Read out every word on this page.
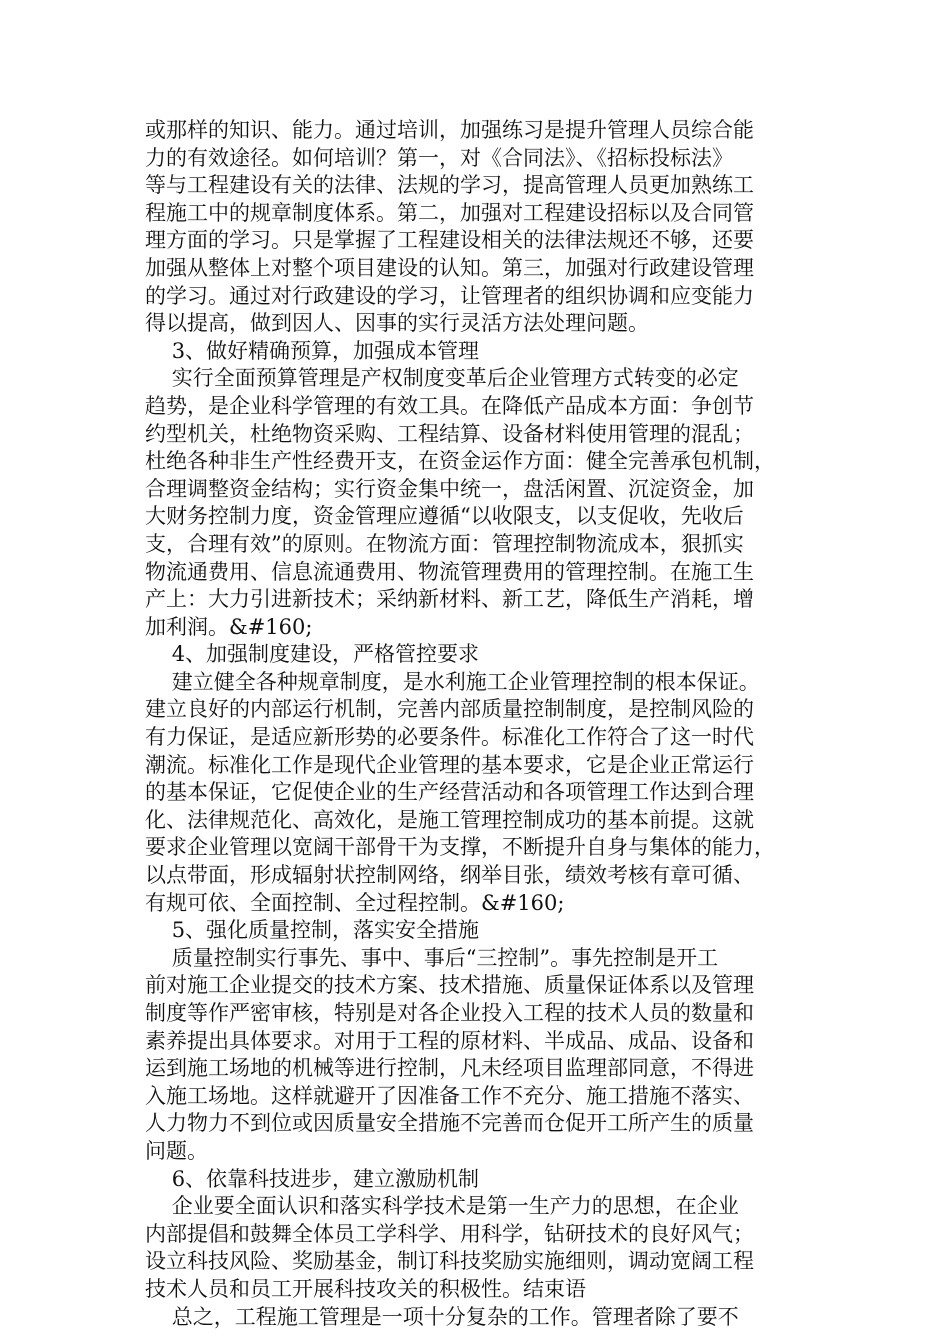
或那样的知识、能力。通过培训，加强练习是提升管理人员综合能
力的有效途径。如何培训？第一，对《合同法》、《招标投标法》
等与工程建设有关的法律、法规的学习，提高管理人员更加熟练工
程施工中的规章制度体系。第二，加强对工程建设招标以及合同管
理方面的学习。只是掌握了工程建设相关的法律法规还不够，还要
加强从整体上对整个项目建设的认知。第三，加强对行政建设管理
的学习。通过对行政建设的学习，让管理者的组织协调和应变能力
得以提高，做到因人、因事的实行灵活方法处理问题。
3、做好精确预算，加强成本管理
实行全面预算管理是产权制度变革后企业管理方式转变的必定
趋势，是企业科学管理的有效工具。在降低产品成本方面：争创节
约型机关，杜绝物资采购、工程结算、设备材料使用管理的混乱；
杜绝各种非生产性经费开支，在资金运作方面：健全完善承包机制，
合理调整资金结构；实行资金集中统一，盘活闲置、沉淀资金，加
大财务控制力度，资金管理应遵循“以收限支，以支促收，先收后
支，合理有效”的原则。在物流方面：管理控制物流成本，狠抓实
物流通费用、信息流通费用、物流管理费用的管理控制。在施工生
产上：大力引进新技术；采纳新材料、新工艺，降低生产消耗，增
加利润。&#160;
4、加强制度建设，严格管控要求
建立健全各种规章制度，是水利施工企业管理控制的根本保证。
建立良好的内部运行机制，完善内部质量控制制度，是控制风险的
有力保证，是适应新形势的必要条件。标准化工作符合了这一时代
潮流。标准化工作是现代企业管理的基本要求，它是企业正常运行
的基本保证，它促使企业的生产经营活动和各项管理工作达到合理
化、法律规范化、高效化，是施工管理控制成功的基本前提。这就
要求企业管理以宽阔干部骨干为支撑，不断提升自身与集体的能力，
以点带面，形成辐射状控制网络，纲举目张，绩效考核有章可循、
有规可依、全面控制、全过程控制。&#160;
5、强化质量控制，落实安全措施
质量控制实行事先、事中、事后“三控制”。事先控制是开工
前对施工企业提交的技术方案、技术措施、质量保证体系以及管理
制度等作严密审核，特别是对各企业投入工程的技术人员的数量和
素养提出具体要求。对用于工程的原材料、半成品、成品、设备和
运到施工场地的机械等进行控制，凡未经项目监理部同意，不得进
入施工场地。这样就避开了因准备工作不充分、施工措施不落实、
人力物力不到位或因质量安全措施不完善而仓促开工所产生的质量
问题。
6、依靠科技进步，建立激励机制
企业要全面认识和落实科学技术是第一生产力的思想，在企业
内部提倡和鼓舞全体员工学科学、用科学，钻研技术的良好风气；
设立科技风险、奖励基金，制订科技奖励实施细则，调动宽阔工程
技术人员和员工开展科技攻关的积极性。结束语
总之，工程施工管理是一项十分复杂的工作。管理者除了要不
